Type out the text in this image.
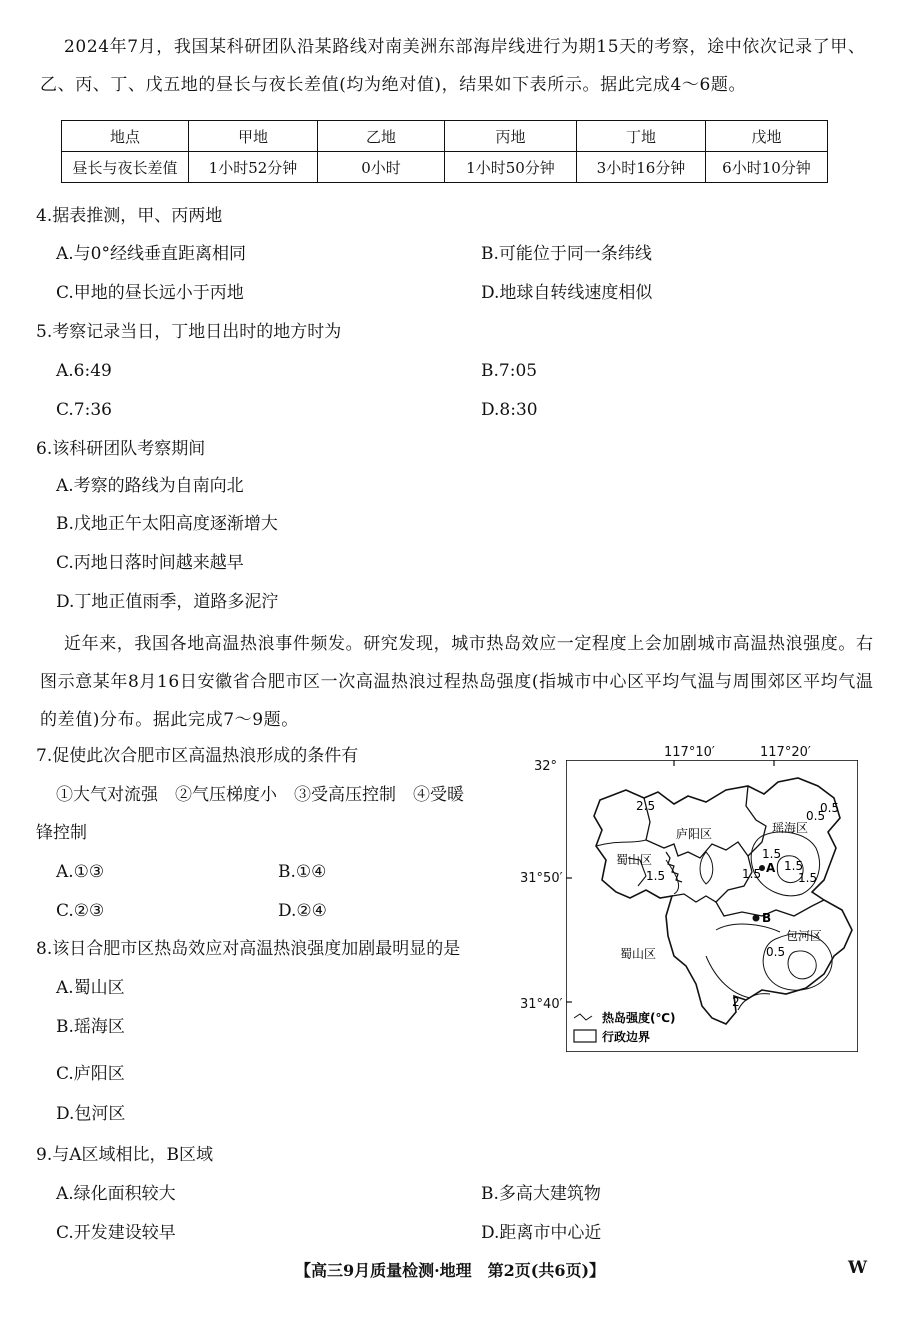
2024年7月，我国某科研团队沿某路线对南美洲东部海岸线进行为期15天的考察，途中依次记录了甲、乙、丙、丁、戊五地的昼长与夜长差值(均为绝对值)，结果如下表所示。据此完成4～6题。
地点	甲地	乙地	丙地	丁地	戊地
昼长与夜长差值	1小时52分钟	0小时	1小时50分钟	3小时16分钟	6小时10分钟
4.据表推测，甲、丙两地
A.与0°经线垂直距离相同	B.可能位于同一条纬线
C.甲地的昼长远小于丙地	D.地球自转线速度相似
5.考察记录当日，丁地日出时的地方时为
A.6:49	B.7:05
C.7:36	D.8:30
6.该科研团队考察期间
A.考察的路线为自南向北
B.戊地正午太阳高度逐渐增大
C.丙地日落时间越来越早
D.丁地正值雨季，道路多泥泞
近年来，我国各地高温热浪事件频发。研究发现，城市热岛效应一定程度上会加剧城市高温热浪强度。右图示意某年8月16日安徽省合肥市区一次高温热浪过程热岛强度(指城市中心区平均气温与周围郊区平均气温的差值)分布。据此完成7～9题。
7.促使此次合肥市区高温热浪形成的条件有
①大气对流强　②气压梯度小　③受高压控制　④受暖
锋控制
A.①③	B.①④
C.②③	D.②④
8.该日合肥市区热岛效应对高温热浪强度加剧最明显的是
A.蜀山区
B.瑶海区
C.庐阳区
D.包河区
9.与A区域相比，B区域
A.绿化面积较大	B.多高大建筑物
C.开发建设较早	D.距离市中心近
蜀山区
庐阳区	瑶海区
蜀山区
包河区
A
B
2.5
1.5
1.5
0.5
1.5
1.5
1.5
0.5
2
0.5
热岛强度(℃)
行政边界
117°10′	117°20′
32°
31°50′
31°40′
【高三9月质量检测·地理　第2页(共6页)】	W
